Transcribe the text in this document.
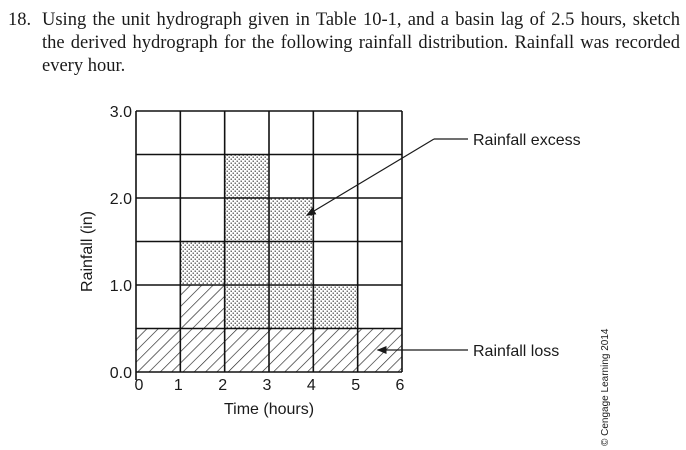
18. Using the unit hydrograph given in Table 10-1, and a basin lag of 2.5 hours, sketch the derived hydrograph for the following rainfall distribution. Rainfall was recorded every hour.
0.0
1.0
2.0
3.0
0 1 2 3 4 5 6
Time (hours)
Rainfall (in)
Rainfall excess
Rainfall loss	© Cengage Learning 2014
